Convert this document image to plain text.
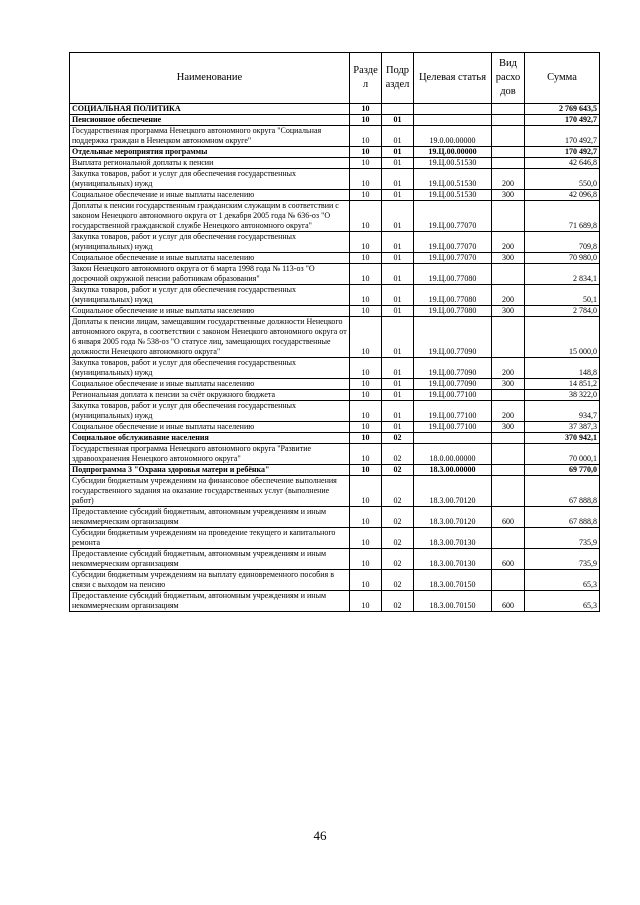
Наименование	Разде л	Подр аздел	Целевая статья	Вид расхо дов	Сумма
СОЦИАЛЬНАЯ ПОЛИТИКА	10				2 769 643,5
Пенсионное обеспечение	10	01			170 492,7
Государственная программа Ненецкого автономного округа "Социальная поддержка граждан в Ненецком автономном округе"	10	01	19.0.00.00000		170 492,7
Отдельные мероприятия программы	10	01	19.Ц.00.00000		170 492,7
Выплата региональной доплаты к пенсии	10	01	19.Ц.00.51530		42 646,8
Закупка товаров, работ и услуг для обеспечения государственных (муниципальных) нужд	10	01	19.Ц.00.51530	200	550,0
Социальное обеспечение и иные выплаты населению	10	01	19.Ц.00.51530	300	42 096,8
Доплаты к пенсии государственным гражданским служащим в соответствии с законом Ненецкого автономного округа от 1 декабря 2005 года № 636-оз "О государственной гражданской службе Ненецкого автономного округа"	10	01	19.Ц.00.77070		71 689,8
Закупка товаров, работ и услуг для обеспечения государственных (муниципальных) нужд	10	01	19.Ц.00.77070	200	709,8
Социальное обеспечение и иные выплаты населению	10	01	19.Ц.00.77070	300	70 980,0
Закон Ненецкого автономного округа от 6 марта 1998 года № 113-оз "О досрочной окружной пенсии работникам образования"	10	01	19.Ц.00.77080		2 834,1
Закупка товаров, работ и услуг для обеспечения государственных (муниципальных) нужд	10	01	19.Ц.00.77080	200	50,1
Социальное обеспечение и иные выплаты населению	10	01	19.Ц.00.77080	300	2 784,0
Доплаты к пенсии лицам, замещавшим государственные должности Ненецкого автономного округа, в соответствии с законом Ненецкого автономного округа от 6 января 2005 года № 538-оз "О статусе лиц, замещающих государственные должности Ненецкого автономного округа"	10	01	19.Ц.00.77090		15 000,0
Закупка товаров, работ и услуг для обеспечения государственных (муниципальных) нужд	10	01	19.Ц.00.77090	200	148,8
Социальное обеспечение и иные выплаты населению	10	01	19.Ц.00.77090	300	14 851,2
Региональная доплата к пенсии за счёт окружного бюджета	10	01	19.Ц.00.77100		38 322,0
Закупка товаров, работ и услуг для обеспечения государственных (муниципальных) нужд	10	01	19.Ц.00.77100	200	934,7
Социальное обеспечение и иные выплаты населению	10	01	19.Ц.00.77100	300	37 387,3
Социальное обслуживание населения	10	02			370 942,1
Государственная программа Ненецкого автономного округа "Развитие здравоохранения Ненецкого автономного округа"	10	02	18.0.00.00000		70 000,1
Подпрограмма 3 "Охрана здоровья матери и ребёнка"	10	02	18.3.00.00000		69 770,0
Субсидии бюджетным учреждениям на финансовое обеспечение выполнения государственного задания на оказание государственных услуг (выполнение работ)	10	02	18.3.00.70120		67 888,8
Предоставление субсидий бюджетным, автономным учреждениям и иным некоммерческим организациям	10	02	18.3.00.70120	600	67 888,8
Субсидии бюджетным учреждениям на проведение текущего и капитального ремонта	10	02	18.3.00.70130		735,9
Предоставление субсидий бюджетным, автономным учреждениям и иным некоммерческим организациям	10	02	18.3.00.70130	600	735,9
Субсидии бюджетным учреждениям на выплату единовременного пособия в связи с выходом на пенсию	10	02	18.3.00.70150		65,3
Предоставление субсидий бюджетным, автономным учреждениям и иным некоммерческим организациям	10	02	18.3.00.70150	600	65,3
46
